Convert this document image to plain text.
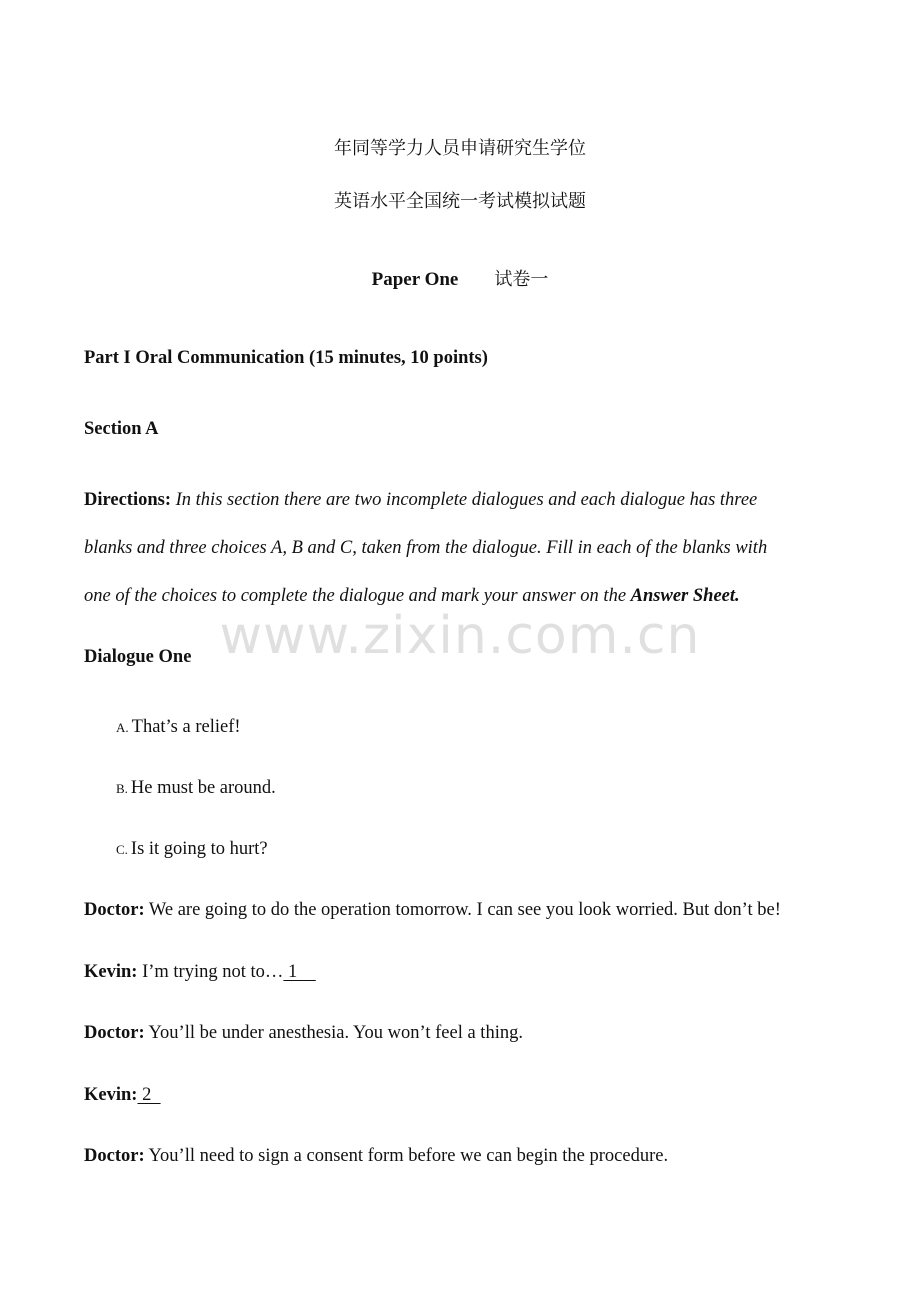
年同等学力人员申请研究生学位
英语水平全国统一考试模拟试题
Paper One 试卷一
Part I Oral Communication (15 minutes, 10 points)
Section A
Directions: In this section there are two incomplete dialogues and each dialogue has three
blanks and three choices A, B and C, taken from the dialogue. Fill in each of the blanks with
one of the choices to complete the dialogue and mark your answer on the Answer Sheet.
www.zixin.com.cn
Dialogue One
A. That’s a relief!
B. He must be around.
C. Is it going to hurt?
Doctor: We are going to do the operation tomorrow. I can see you look worried. But don’t be!
Kevin: I’m trying not to… 1
Doctor: You’ll be under anesthesia. You won’t feel a thing.
Kevin: 2
Doctor: You’ll need to sign a consent form before we can begin the procedure.
